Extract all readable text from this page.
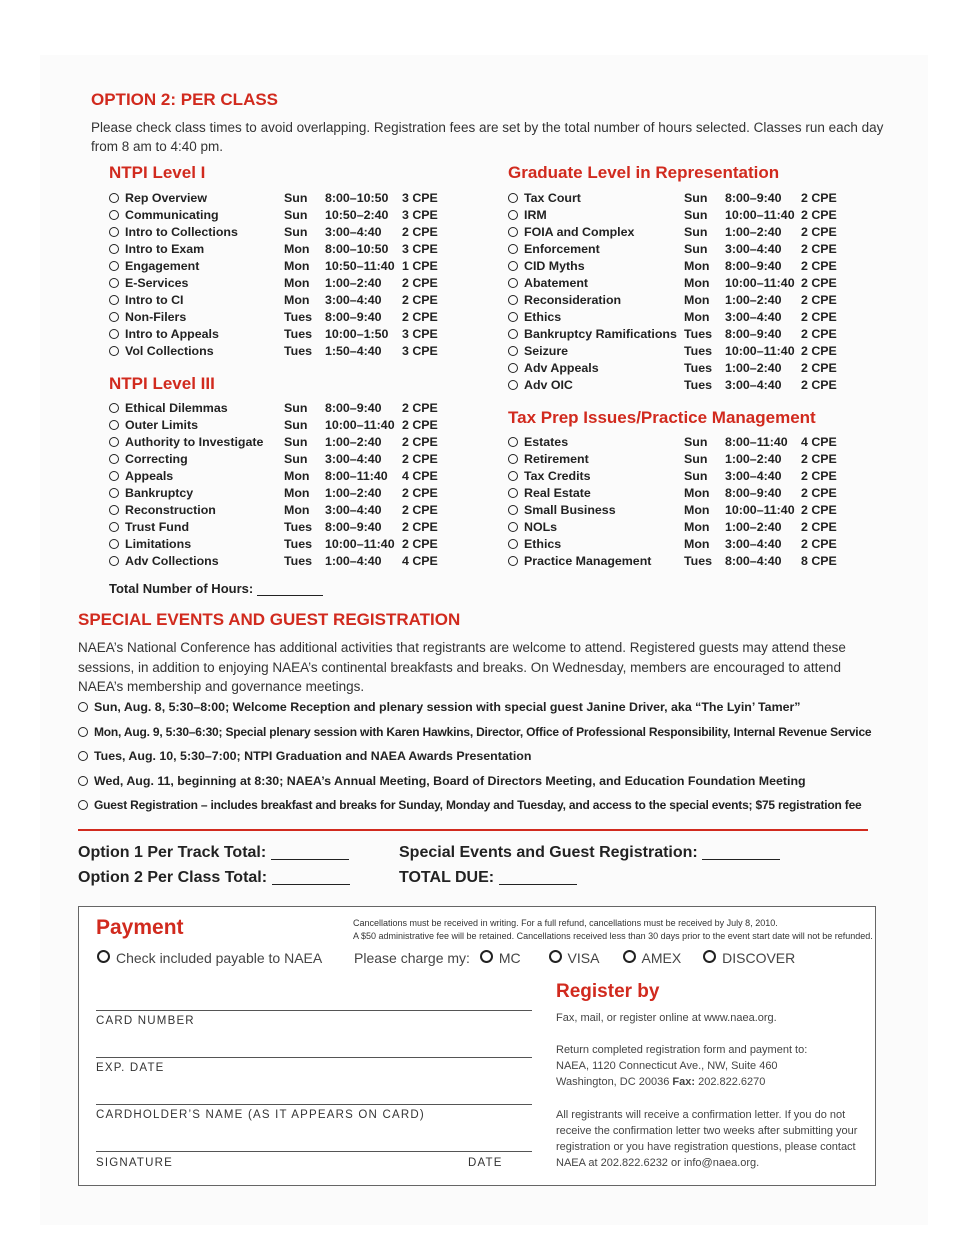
OPTION 2: PER CLASS
Please check class times to avoid overlapping. Registration fees are set by the total number of hours selected. Classes run each day from 8 am to 4:40 pm.
NTPI Level I
Rep Overview	Sun 8:00–10:50 3 CPE
Communicating	Sun 10:50–2:40 3 CPE
Intro to Collections	Sun 3:00–4:40 2 CPE
Intro to Exam	Mon 8:00–10:50 3 CPE
Engagement	Mon 10:50–11:40 1 CPE
E-Services	Mon 1:00–2:40 2 CPE
Intro to CI	Mon 3:00–4:40 2 CPE
Non-Filers	Tues 8:00–9:40 2 CPE
Intro to Appeals	Tues 10:00–1:50 3 CPE
Vol Collections	Tues 1:50–4:40 3 CPE
NTPI Level III
Ethical Dilemmas	Sun 8:00–9:40 2 CPE
Outer Limits	Sun 10:00–11:40 2 CPE
Authority to Investigate Sun 1:00–2:40 2 CPE
Correcting	Sun 3:00–4:40 2 CPE
Appeals	Mon 8:00–11:40 4 CPE
Bankruptcy	Mon 1:00–2:40 2 CPE
Reconstruction	Mon 3:00–4:40 2 CPE
Trust Fund	Tues 8:00–9:40 2 CPE
Limitations	Tues 10:00–11:40 2 CPE
Adv Collections	Tues 1:00–4:40 4 CPE
Graduate Level in Representation
Tax Court	Sun 8:00–9:40 2 CPE
IRM	Sun 10:00–11:40 2 CPE
FOIA and Complex	Sun 1:00–2:40 2 CPE
Enforcement	Sun 3:00–4:40 2 CPE
CID Myths	Mon 8:00–9:40 2 CPE
Abatement	Mon 10:00–11:40 2 CPE
Reconsideration	Mon 1:00–2:40 2 CPE
Ethics	Mon 3:00–4:40 2 CPE
Bankruptcy Ramifications Tues 8:00–9:40 2 CPE
Seizure	Tues 10:00–11:40 2 CPE
Adv Appeals	Tues 1:00–2:40 2 CPE
Adv OIC	Tues 3:00–4:40 2 CPE
Tax Prep Issues/Practice Management
Estates	Sun 8:00–11:40 4 CPE
Retirement	Sun 1:00–2:40 2 CPE
Tax Credits	Sun 3:00–4:40 2 CPE
Real Estate	Mon 8:00–9:40 2 CPE
Small Business	Mon 10:00–11:40 2 CPE
NOLs	Mon 1:00–2:40 2 CPE
Ethics	Mon 3:00–4:40 2 CPE
Practice Management	Tues 8:00–4:40 8 CPE
Total Number of Hours:
SPECIAL EVENTS AND GUEST REGISTRATION
NAEA’s National Conference has additional activities that registrants are welcome to attend. Registered guests may attend these sessions, in addition to enjoying NAEA’s continental breakfasts and breaks. On Wednesday, members are encouraged to attend NAEA’s membership and governance meetings.
Sun, Aug. 8, 5:30–8:00; Welcome Reception and plenary session with special guest Janine Driver, aka “The Lyin’ Tamer”
Mon, Aug. 9, 5:30–6:30; Special plenary session with Karen Hawkins, Director, Office of Professional Responsibility, Internal Revenue Service
Tues, Aug. 10, 5:30–7:00; NTPI Graduation and NAEA Awards Presentation
Wed, Aug. 11, beginning at 8:30; NAEA’s Annual Meeting, Board of Directors Meeting, and Education Foundation Meeting
Guest Registration – includes breakfast and breaks for Sunday, Monday and Tuesday, and access to the special events; $75 registration fee
Option 1 Per Track Total:
Option 2 Per Class Total:
Special Events and Guest Registration:
TOTAL DUE:
Payment	Cancellations must be received in writing. For a full refund, cancellations must be received by July 8, 2010.
A $50 administrative fee will be retained. Cancellations received less than 30 days prior to the event start date will not be refunded.
Check included payable to NAEA Please charge my: MC	VISA	AMEX	DISCOVER
CARD NUMBER
EXP. DATE
CARDHOLDER’S NAME (AS IT APPEARS ON CARD)
SIGNATURE	DATE
Register by
Fax, mail, or register online at www.naea.org.
Return completed registration form and payment to:
NAEA, 1120 Connecticut Ave., NW, Suite 460
Washington, DC 20036 Fax: 202.822.6270
All registrants will receive a confirmation letter. If you do not receive the confirmation letter two weeks after submitting your registration or you have registration questions, please contact NAEA at 202.822.6232 or info@naea.org.
